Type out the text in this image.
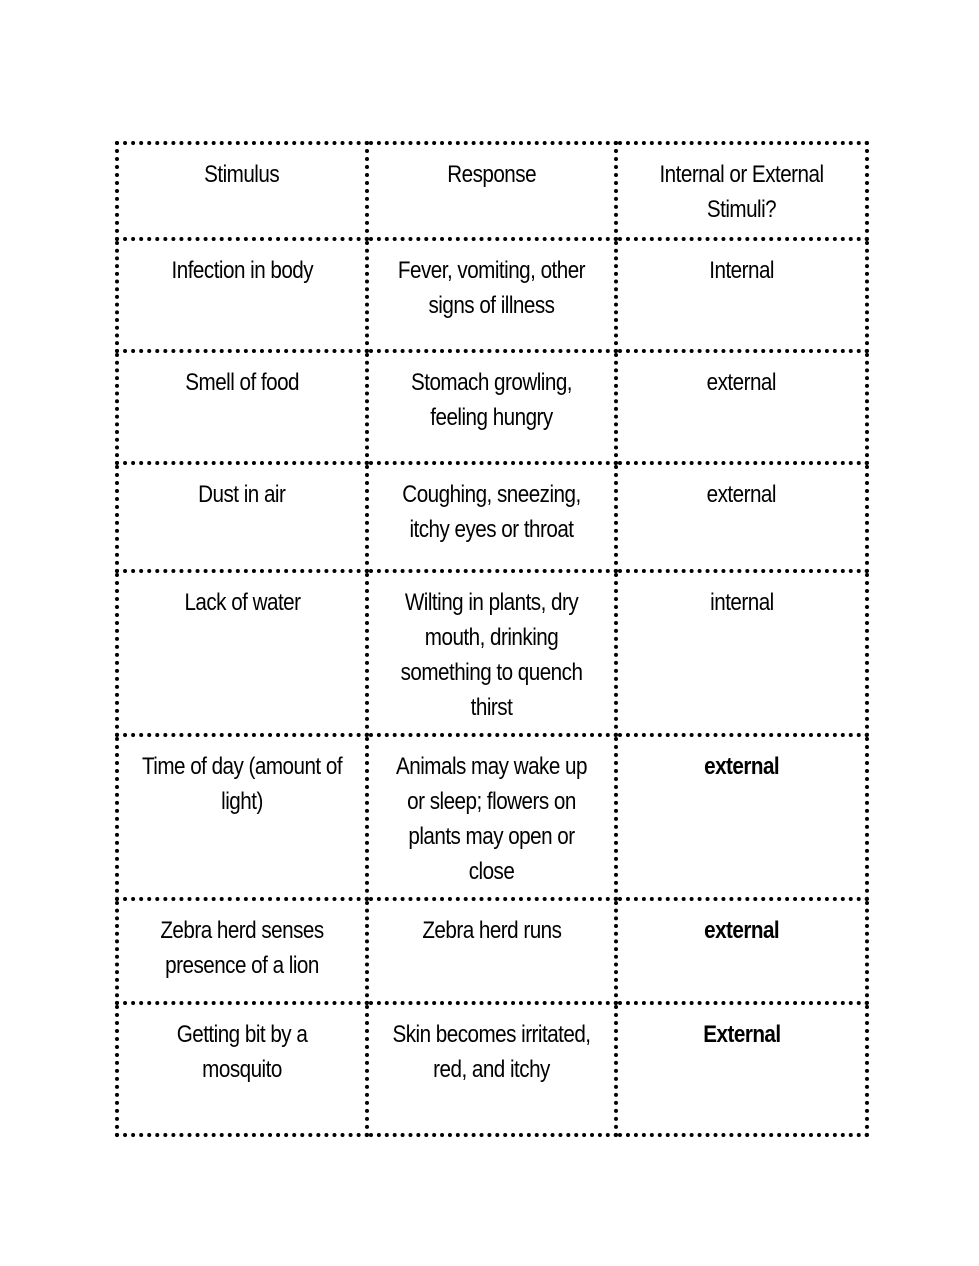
Stimulus	Response	Internal or External Stimuli?
Infection in body	Fever, vomiting, other signs of illness	Internal
Smell of food	Stomach growling, feeling hungry	external
Dust in air	Coughing, sneezing, itchy eyes or throat	external
Lack of water	Wilting in plants, dry mouth, drinking something to quench thirst	internal
Time of day (amount of light)	Animals may wake up or sleep; flowers on plants may open or close	external
Zebra herd senses presence of a lion	Zebra herd runs	external
Getting bit by a mosquito	Skin becomes irritated, red, and itchy	External
